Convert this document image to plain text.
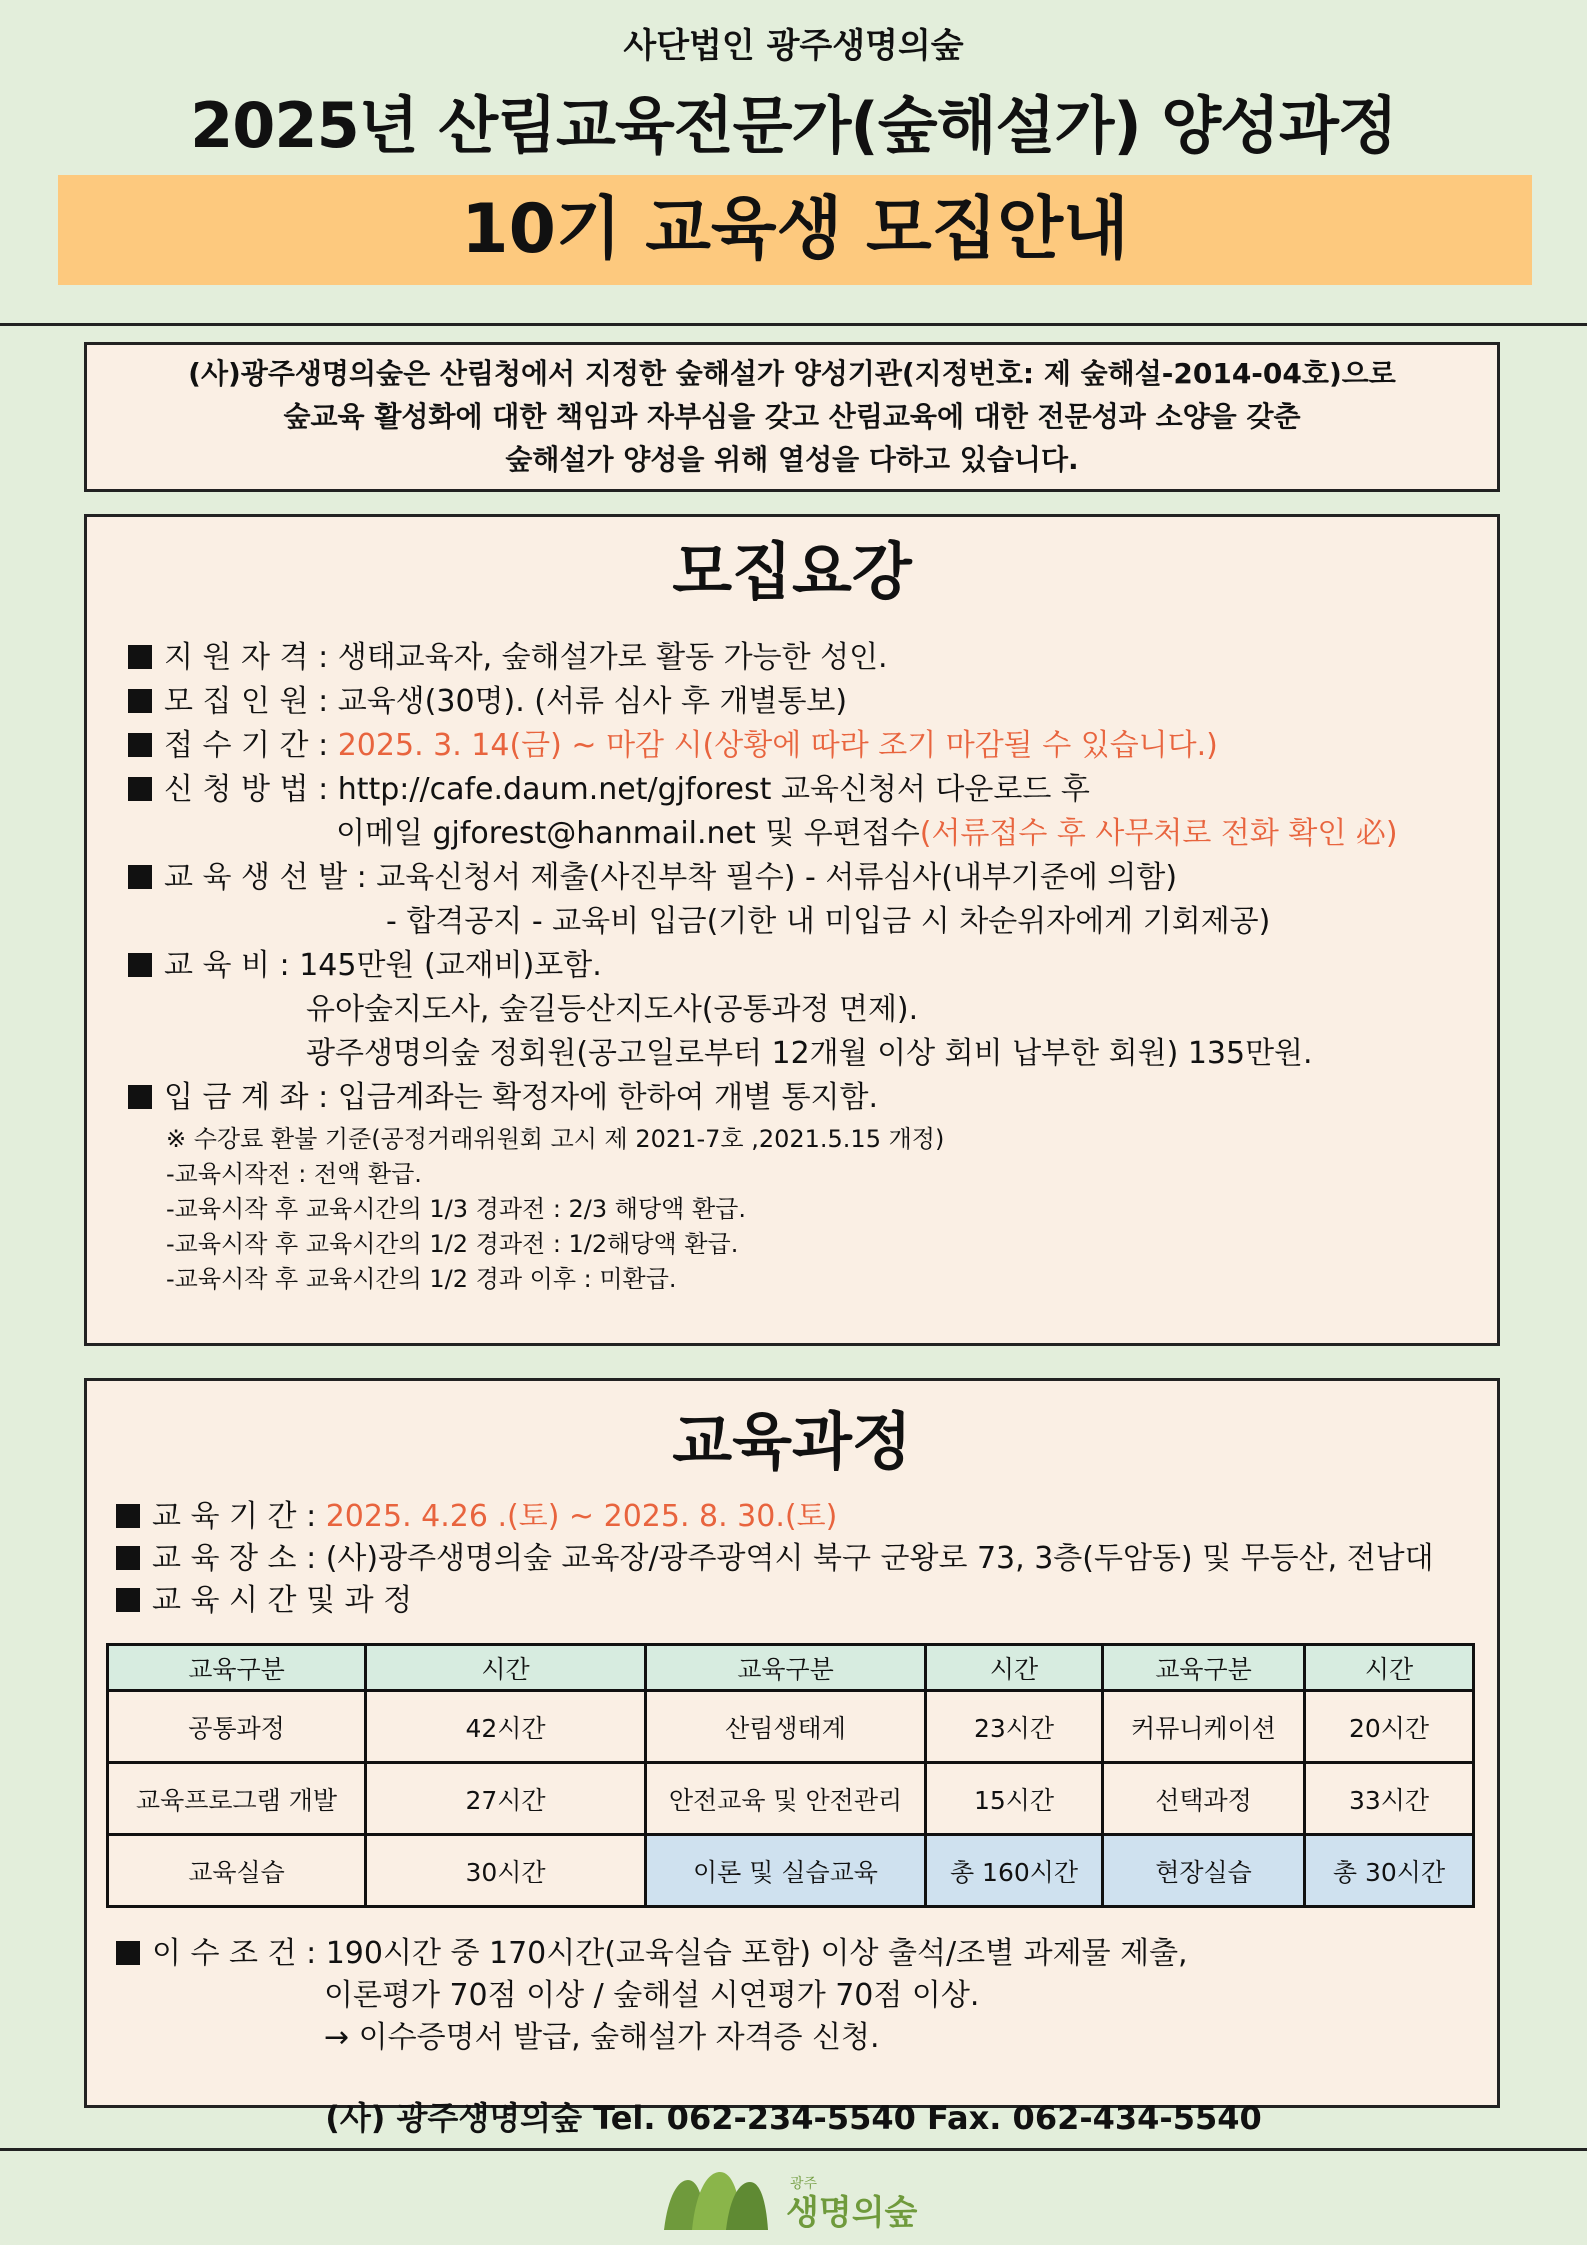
사단법인 광주생명의숲
2025년 산림교육전문가(숲해설가) 양성과정
10기 교육생 모집안내
(사)광주생명의숲은 산림청에서 지정한 숲해설가 양성기관(지정번호: 제 숲해설-2014-04호)으로
숲교육 활성화에 대한 책임과 자부심을 갖고 산림교육에 대한 전문성과 소양을 갖춘
숲해설가 양성을 위해 열성을 다하고 있습니다.
모집요강
지 원 자 격 : 생태교육자, 숲해설가로 활동 가능한 성인.
모 집 인 원 : 교육생(30명). (서류 심사 후 개별통보)
접 수 기 간 : 2025. 3. 14(금) ~ 마감 시(상황에 따라 조기 마감될 수 있습니다.)
신 청 방 법 : http://cafe.daum.net/gjforest 교육신청서 다운로드 후
이메일 gjforest@hanmail.net 및 우편접수(서류접수 후 사무처로 전화 확인 必)
교 육 생 선 발 : 교육신청서 제출(사진부착 필수) - 서류심사(내부기준에 의함)
- 합격공지 - 교육비 입금(기한 내 미입금 시 차순위자에게 기회제공)
교 육 비 : 145만원 (교재비)포함.
유아숲지도사, 숲길등산지도사(공통과정 면제).
광주생명의숲 정회원(공고일로부터 12개월 이상 회비 납부한 회원) 135만원.
입 금 계 좌 : 입금계좌는 확정자에 한하여 개별 통지함.
※ 수강료 환불 기준(공정거래위원회 고시 제 2021-7호 ,2021.5.15 개정)
-교육시작전 : 전액 환급.
-교육시작 후 교육시간의 1/3 경과전 : 2/3 해당액 환급.
-교육시작 후 교육시간의 1/2 경과전 : 1/2해당액 환급.
-교육시작 후 교육시간의 1/2 경과 이후 : 미환급.
교육과정
교 육 기 간 : 2025. 4.26 .(토) ~ 2025. 8. 30.(토)
교 육 장 소 : (사)광주생명의숲 교육장/광주광역시 북구 군왕로 73, 3층(두암동) 및 무등산, 전남대
교 육 시 간 및 과 정
교육구분	시간	교육구분	시간	교육구분	시간
공통과정	42시간	산림생태계	23시간	커뮤니케이션	20시간
교육프로그램 개발	27시간	안전교육 및 안전관리	15시간	선택과정	33시간
교육실습	30시간	이론 및 실습교육	총 160시간	현장실습	총 30시간
이 수 조 건 : 190시간 중 170시간(교육실습 포함) 이상 출석/조별 과제물 제출,
이론평가 70점 이상 / 숲해설 시연평가 70점 이상.
→ 이수증명서 발급, 숲해설가 자격증 신청.
(사) 광주생명의숲 Tel. 062-234-5540 Fax. 062-434-5540
광주
생명의숲
